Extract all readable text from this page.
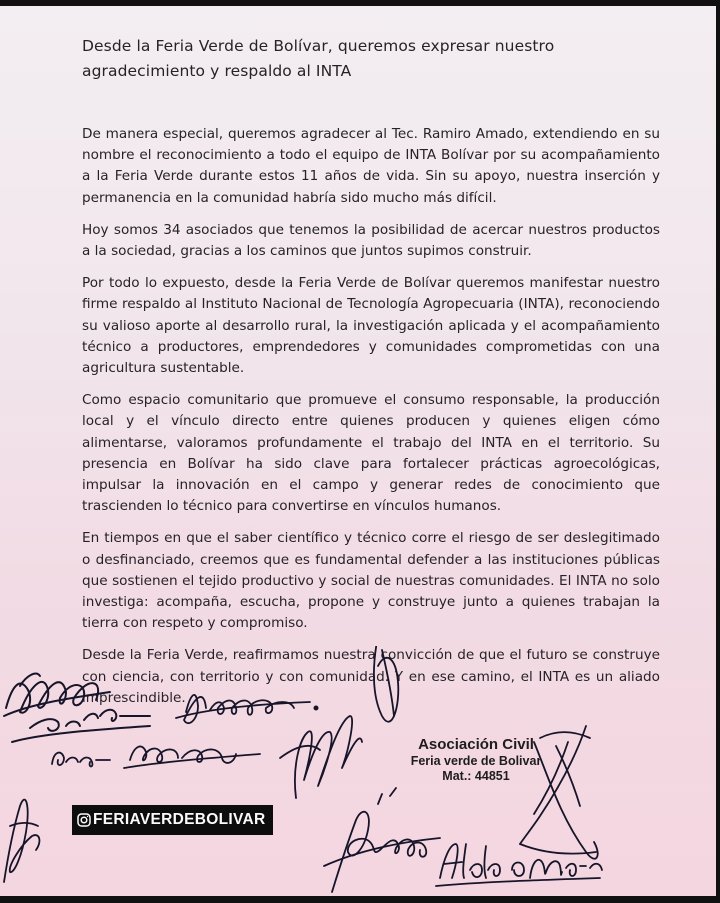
Desde la Feria Verde de Bolívar, queremos expresar nuestro agradecimiento y respaldo al INTA

De manera especial, queremos agradecer al Tec. Ramiro Amado, extendiendo en su nombre el reconocimiento a todo el equipo de INTA Bolívar por su acompañamiento a la Feria Verde durante estos 11 años de vida. Sin su apoyo, nuestra inserción y permanencia en la comunidad habría sido mucho más difícil.

Hoy somos 34 asociados que tenemos la posibilidad de acercar nuestros productos a la sociedad, gracias a los caminos que juntos supimos construir.

Por todo lo expuesto, desde la Feria Verde de Bolívar queremos manifestar nuestro firme respaldo al Instituto Nacional de Tecnología Agropecuaria (INTA), reconociendo su valioso aporte al desarrollo rural, la investigación aplicada y el acompañamiento técnico a productores, emprendedores y comunidades comprometidas con una agricultura sustentable.

Como espacio comunitario que promueve el consumo responsable, la producción local y el vínculo directo entre quienes producen y quienes eligen cómo alimentarse, valoramos profundamente el trabajo del INTA en el territorio. Su presencia en Bolívar ha sido clave para fortalecer prácticas agroecológicas, impulsar la innovación en el campo y generar redes de conocimiento que trascienden lo técnico para convertirse en vínculos humanos.

En tiempos en que el saber científico y técnico corre el riesgo de ser deslegitimado o desfinanciado, creemos que es fundamental defender a las instituciones públicas que sostienen el tejido productivo y social de nuestras comunidades. El INTA no solo investiga: acompaña, escucha, propone y construye junto a quienes trabajan la tierra con respeto y compromiso.

Desde la Feria Verde, reafirmamos nuestra convicción de que el futuro se construye con ciencia, con territorio y con comunidad. Y en ese camino, el INTA es un aliado imprescindible.

Asociación Civil
Feria verde de Bolivar
Mat.: 44851
FERIAVERDEBOLIVAR
